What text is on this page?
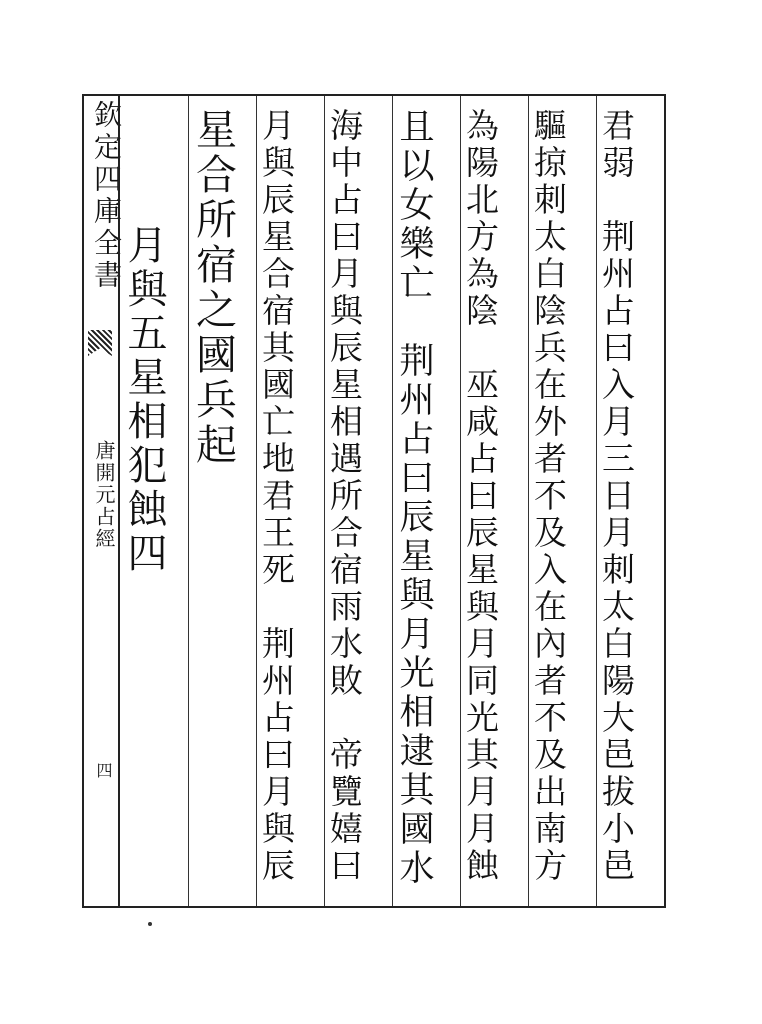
欽定四庫全書
唐開元占經
四	君弱　荆州占曰入月三日月刺太白陽大邑拔小邑
驅掠刺太白陰兵在外者不及入在內者不及出南方
為陽北方為陰　巫咸占曰辰星與月同光其月月蝕
且以女樂亡　荆州占曰辰星與月光相逮其國水
海中占曰月與辰星相遇所合宿雨水敗　帝覽嬉曰
月與辰星合宿其國亡地君王死　荆州占曰月與辰
星合所宿之國兵起
　月與五星相犯蝕四
